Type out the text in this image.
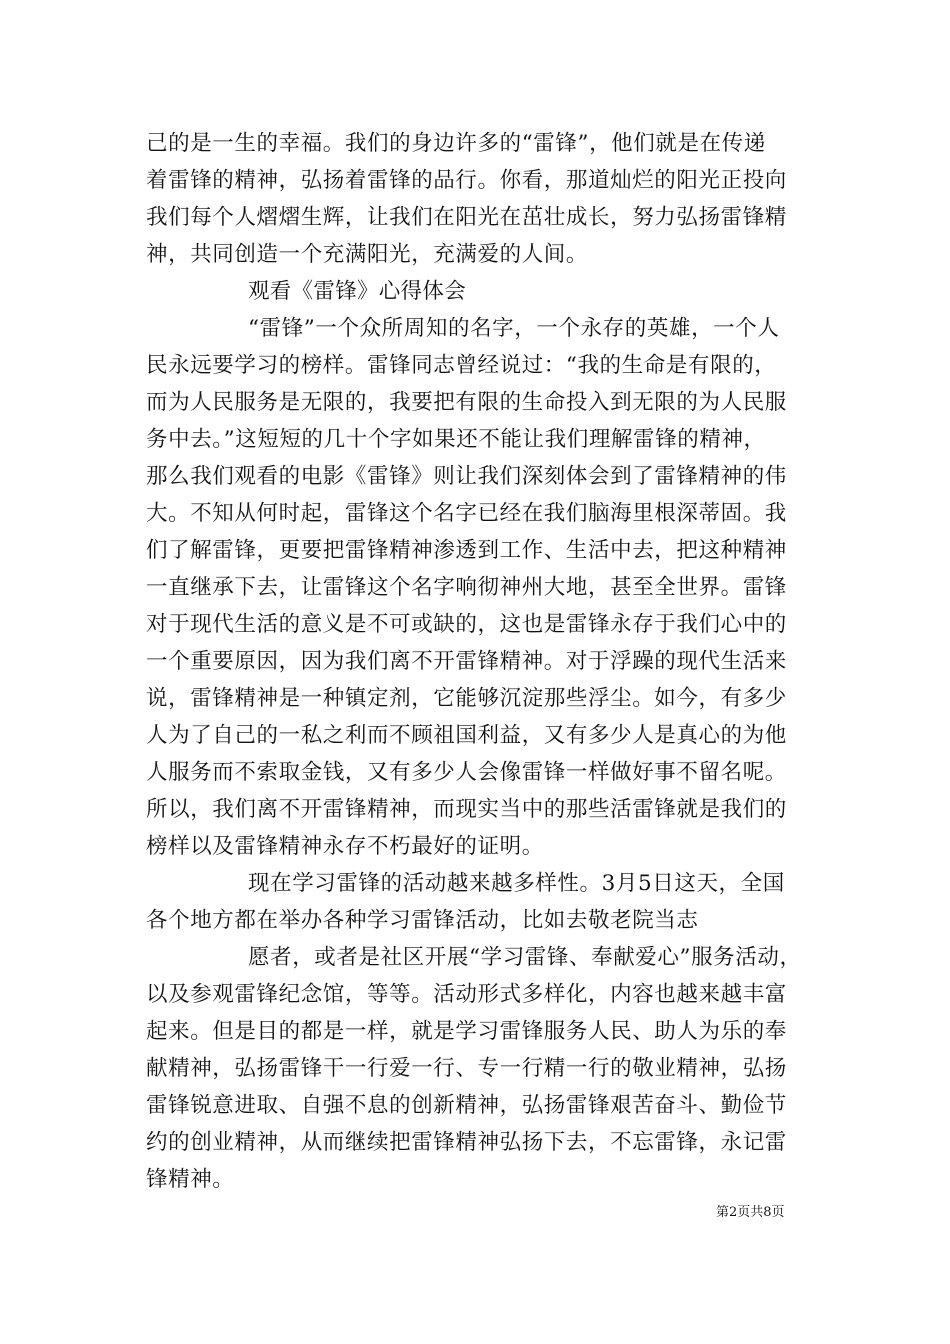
己的是一生的幸福。我们的身边许多的“雷锋”，他们就是在传递
着雷锋的精神，弘扬着雷锋的品行。你看，那道灿烂的阳光正投向
我们每个人熠熠生辉，让我们在阳光在茁壮成长，努力弘扬雷锋精
神，共同创造一个充满阳光，充满爱的人间。
观看《雷锋》心得体会
“雷锋”一个众所周知的名字，一个永存的英雄，一个人
民永远要学习的榜样。雷锋同志曾经说过：“我的生命是有限的，
而为人民服务是无限的，我要把有限的生命投入到无限的为人民服
务中去。”这短短的几十个字如果还不能让我们理解雷锋的精神，
那么我们观看的电影《雷锋》则让我们深刻体会到了雷锋精神的伟
大。不知从何时起，雷锋这个名字已经在我们脑海里根深蒂固。我
们了解雷锋，更要把雷锋精神渗透到工作、生活中去，把这种精神
一直继承下去，让雷锋这个名字响彻神州大地，甚至全世界。雷锋
对于现代生活的意义是不可或缺的，这也是雷锋永存于我们心中的
一个重要原因，因为我们离不开雷锋精神。对于浮躁的现代生活来
说，雷锋精神是一种镇定剂，它能够沉淀那些浮尘。如今，有多少
人为了自己的一私之利而不顾祖国利益，又有多少人是真心的为他
人服务而不索取金钱，又有多少人会像雷锋一样做好事不留名呢。
所以，我们离不开雷锋精神，而现实当中的那些活雷锋就是我们的
榜样以及雷锋精神永存不朽最好的证明。
现在学习雷锋的活动越来越多样性。3月5日这天，全国
各个地方都在举办各种学习雷锋活动，比如去敬老院当志
愿者，或者是社区开展“学习雷锋、奉献爱心”服务活动，
以及参观雷锋纪念馆，等等。活动形式多样化，内容也越来越丰富
起来。但是目的都是一样，就是学习雷锋服务人民、助人为乐的奉
献精神，弘扬雷锋干一行爱一行、专一行精一行的敬业精神，弘扬
雷锋锐意进取、自强不息的创新精神，弘扬雷锋艰苦奋斗、勤俭节
约的创业精神，从而继续把雷锋精神弘扬下去，不忘雷锋，永记雷
锋精神。
第2页共8页
